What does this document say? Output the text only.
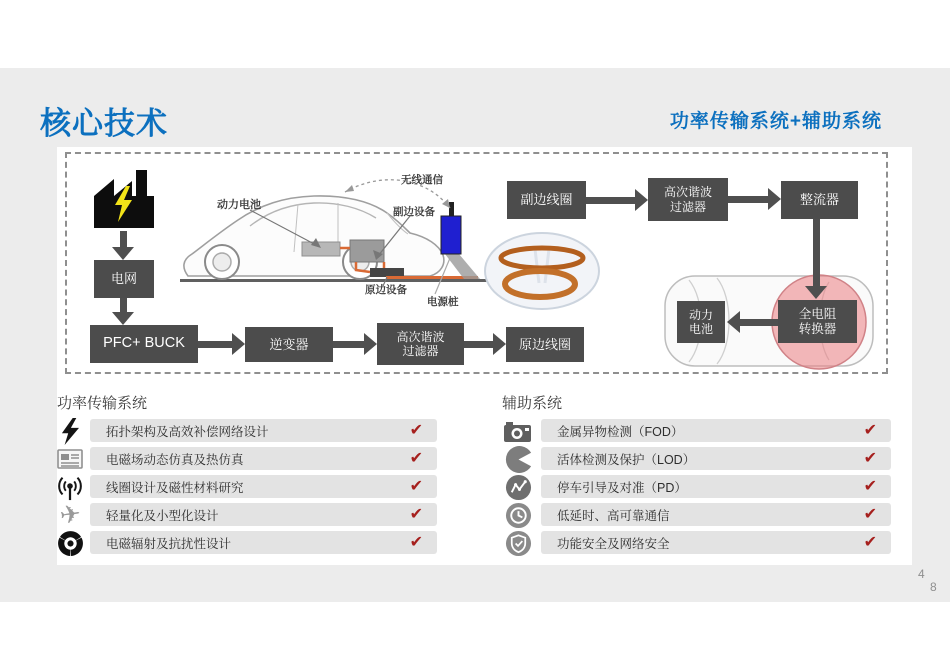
核心技术	功率传输系统+辅助系统
无线通信
动力电池
副边设备
原边设备
电源桩
电网
PFC+ BUCK	逆变器
高次谐波
过滤器	原边线圈
副边线圈
高次谐波
过滤器	整流器
动力
电池
全电阻
转换器
功率传输系统	辅助系统
✈
拓扑架构及高效补偿网络设计	✔
电磁场动态仿真及热仿真	✔
线圈设计及磁性材料研究	✔
轻量化及小型化设计	✔
电磁辐射及抗扰性设计	✔
金属异物检测（FOD）	✔
活体检测及保护（LOD）	✔
停车引导及对准（PD）	✔
低延时、高可靠通信	✔
功能安全及网络安全	✔
4
8
